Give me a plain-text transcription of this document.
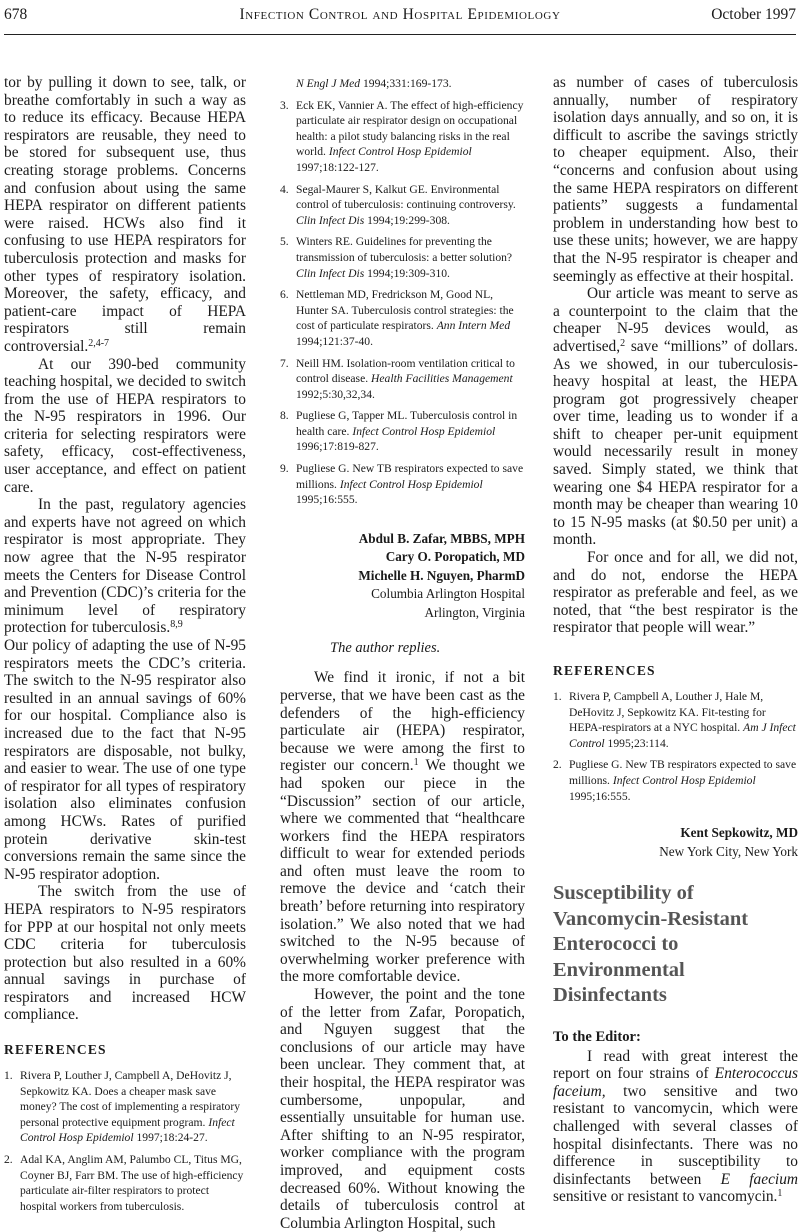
678	Infection Control and Hospital Epidemiology	October 1997

tor by pulling it down to see, talk, or breathe comfortably in such a way as to reduce its efficacy. Because HEPA respirators are reusable, they need to be stored for subsequent use, thus creating storage problems. Concerns and confusion about using the same HEPA respirator on different patients were raised. HCWs also find it confusing to use HEPA respirators for tuberculosis protection and masks for other types of respiratory isolation. Moreover, the safety, efficacy, and patient-care impact of HEPA respirators still remain controversial.$^{2,4-7}$

At our 390-bed community teaching hospital, we decided to switch from the use of HEPA respirators to the N-95 respirators in 1996. Our criteria for selecting respirators were safety, efficacy, cost-effectiveness, user acceptance, and effect on patient care.

In the past, regulatory agencies and experts have not agreed on which respirator is most appropriate. They now agree that the N-95 respirator meets the Centers for Disease Control and Prevention (CDC)’s criteria for the minimum level of respiratory protection for tuberculosis.$^{8,9}$

Our policy of adapting the use of N-95 respirators meets the CDC’s criteria. The switch to the N-95 respirator also resulted in an annual savings of 60% for our hospital. Compliance also is increased due to the fact that N-95 respirators are disposable, not bulky, and easier to wear. The use of one type of respirator for all types of respiratory isolation also eliminates confusion among HCWs. Rates of purified protein derivative skin-test conversions remain the same since the N-95 respirator adoption.

The switch from the use of HEPA respirators to N-95 respirators for PPP at our hospital not only meets CDC criteria for tuberculosis protection but also resulted in a 60% annual savings in purchase of respirators and increased HCW compliance.

REFERENCES
1. Rivera P, Louther J, Campbell A, DeHovitz J, Sepkowitz KA. Does a cheaper mask save money? The cost of implementing a respiratory personal protective equipment program. Infect Control Hosp Epidemiol 1997;18:24-27.
2. Adal KA, Anglim AM, Palumbo CL, Titus MG, Coyner BJ, Farr BM. The use of high-efficiency particulate air-filter respirators to protect hospital workers from tuberculosis.
N Engl J Med 1994;331:169-173.
3. Eck EK, Vannier A. The effect of high-efficiency particulate air respirator design on occupational health: a pilot study balancing risks in the real world. Infect Control Hosp Epidemiol 1997;18:122-127.
4. Segal-Maurer S, Kalkut GE. Environmental control of tuberculosis: continuing controversy. Clin Infect Dis 1994;19:299-308.
5. Winters RE. Guidelines for preventing the transmission of tuberculosis: a better solution? Clin Infect Dis 1994;19:309-310.
6. Nettleman MD, Fredrickson M, Good NL, Hunter SA. Tuberculosis control strategies: the cost of particulate respirators. Ann Intern Med 1994;121:37-40.
7. Neill HM. Isolation-room ventilation critical to control disease. Health Facilities Management 1992;5:30,32,34.
8. Pugliese G, Tapper ML. Tuberculosis control in health care. Infect Control Hosp Epidemiol 1996;17:819-827.
9. Pugliese G. New TB respirators expected to save millions. Infect Control Hosp Epidemiol 1995;16:555.
Abdul B. Zafar, MBBS, MPH
Cary O. Poropatich, MD
Michelle H. Nguyen, PharmD
Columbia Arlington Hospital
Arlington, Virginia
The author replies.

We find it ironic, if not a bit perverse, that we have been cast as the defenders of the high-efficiency particulate air (HEPA) respirator, because we were among the first to register our concern.$^1$ We thought we had spoken our piece in the “Discussion” section of our article, where we commented that “healthcare workers find the HEPA respirators difficult to wear for extended periods and often must leave the room to remove the device and ‘catch their breath’ before returning into respiratory isolation.” We also noted that we had switched to the N-95 because of overwhelming worker preference with the more comfortable device.

However, the point and the tone of the letter from Zafar, Poropatich, and Nguyen suggest that the conclusions of our article may have been unclear. They comment that, at their hospital, the HEPA respirator was cumbersome, unpopular, and essentially unsuitable for human use. After shifting to an N-95 respirator, worker compliance with the program improved, and equipment costs decreased 60%. Without knowing the details of tuberculosis control at Columbia Arlington Hospital, such

as number of cases of tuberculosis annually, number of respiratory isolation days annually, and so on, it is difficult to ascribe the savings strictly to cheaper equipment. Also, their “concerns and confusion about using the same HEPA respirators on different patients” suggests a fundamental problem in understanding how best to use these units; however, we are happy that the N-95 respirator is cheaper and seemingly as effective at their hospital.

Our article was meant to serve as a counterpoint to the claim that the cheaper N-95 devices would, as advertised,$^2$ save “millions” of dollars. As we showed, in our tuberculosis-heavy hospital at least, the HEPA program got progressively cheaper over time, leading us to wonder if a shift to cheaper per-unit equipment would necessarily result in money saved. Simply stated, we think that wearing one $4 HEPA respirator for a month may be cheaper than wearing 10 to 15 N-95 masks (at $0.50 per unit) a month.

For once and for all, we did not, and do not, endorse the HEPA respirator as preferable and feel, as we noted, that “the best respirator is the respirator that people will wear.”

REFERENCES
1. Rivera P, Campbell A, Louther J, Hale M, DeHovitz J, Sepkowitz KA. Fit-testing for HEPA-respirators at a NYC hospital. Am J Infect Control 1995;23:114.
2. Pugliese G. New TB respirators expected to save millions. Infect Control Hosp Epidemiol 1995;16:555.
Kent Sepkowitz, MD
New York City, New York
Susceptibility of Vancomycin-Resistant Enterococci to Environmental Disinfectants
To the Editor:

I read with great interest the report on four strains of Enterococcus faceium, two sensitive and two resistant to vancomycin, which were challenged with several classes of hospital disinfectants. There was no difference in susceptibility to disinfectants between E faecium sensitive or resistant to vancomycin.$^1$
